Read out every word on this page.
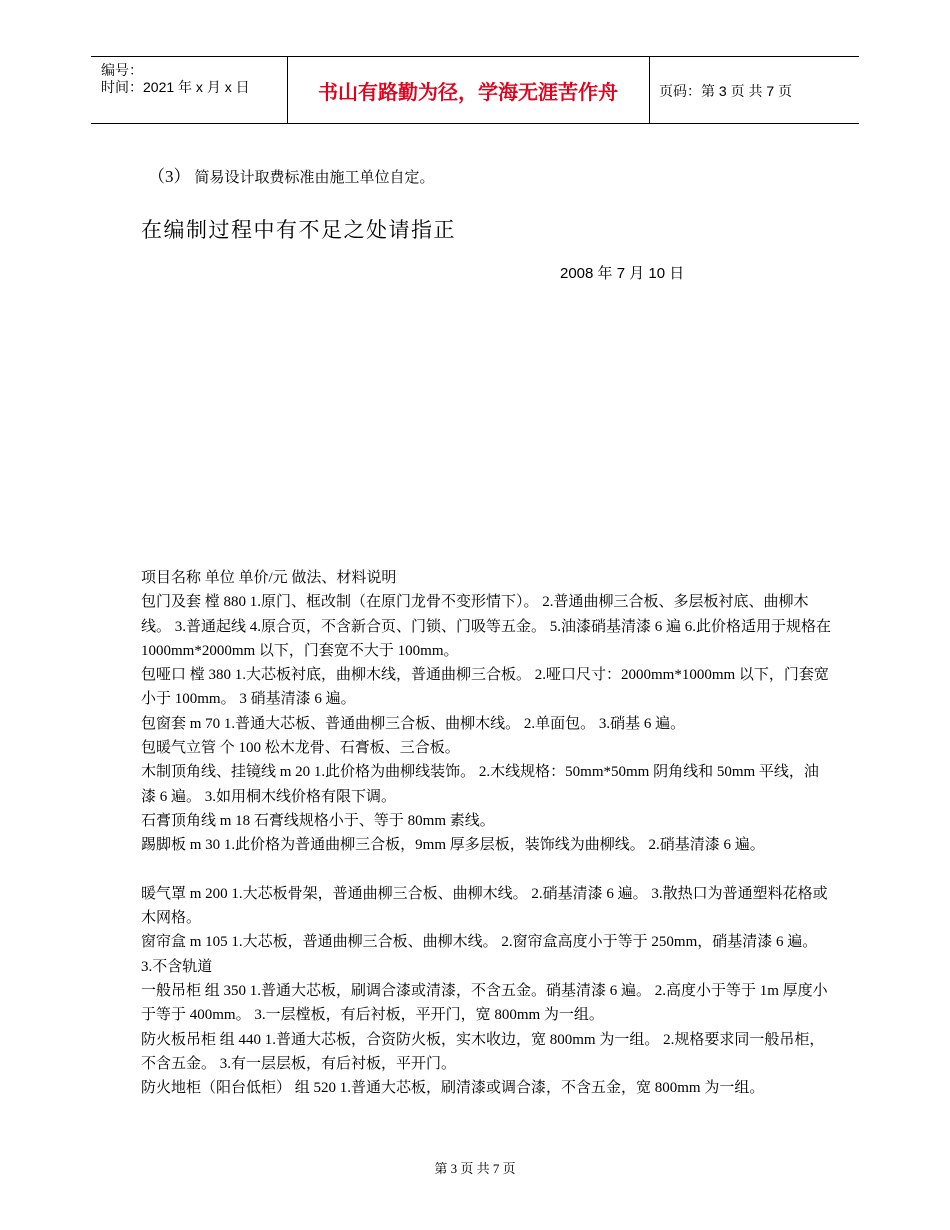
编号：
时间：2021 年 x 月 x 日	书山有路勤为径，学海无涯苦作舟	页码：第 3 页 共 7 页
（3） 简易设计取费标准由施工单位自定。
在编制过程中有不足之处请指正
2008 年 7 月 10 日

项目名称 单位 单价/元 做法、材料说明

包门及套 樘 880 1.原门、框改制（在原门龙骨不变形情下）。 2.普通曲柳三合板、多层板衬底、曲柳木线。 3.普通起线 4.原合页，不含新合页、门锁、门吸等五金。 5.油漆硝基清漆 6 遍 6.此价格适用于规格在 1000mm*2000mm 以下，门套宽不大于 100mm。

包哑口 樘 380 1.大芯板衬底，曲柳木线，普通曲柳三合板。 2.哑口尺寸：2000mm*1000mm 以下，门套宽小于 100mm。 3 硝基清漆 6 遍。

包窗套 m 70 1.普通大芯板、普通曲柳三合板、曲柳木线。 2.单面包。 3.硝基 6 遍。

包暖气立管 个 100 松木龙骨、石膏板、三合板。

木制顶角线、挂镜线 m 20 1.此价格为曲柳线装饰。 2.木线规格：50mm*50mm 阴角线和 50mm 平线，油漆 6 遍。 3.如用桐木线价格有限下调。

石膏顶角线 m 18 石膏线规格小于、等于 80mm 素线。

踢脚板 m 30 1.此价格为普通曲柳三合板，9mm 厚多层板，装饰线为曲柳线。 2.硝基清漆 6 遍。

暖气罩 m 200 1.大芯板骨架，普通曲柳三合板、曲柳木线。 2.硝基清漆 6 遍。 3.散热口为普通塑料花格或木网格。

窗帘盒 m 105 1.大芯板，普通曲柳三合板、曲柳木线。 2.窗帘盒高度小于等于 250mm，硝基清漆 6 遍。 3.不含轨道

一般吊柜 组 350 1.普通大芯板，刷调合漆或清漆，不含五金。硝基清漆 6 遍。 2.高度小于等于 1m 厚度小于等于 400mm。 3.一层樘板，有后衬板，平开门，宽 800mm 为一组。

防火板吊柜 组 440 1.普通大芯板，合资防火板，实木收边，宽 800mm 为一组。 2.规格要求同一般吊柜，不含五金。 3.有一层层板，有后衬板，平开门。

防火地柜（阳台低柜） 组 520 1.普通大芯板，刷清漆或调合漆，不含五金，宽 800mm 为一组。

第 3 页 共 7 页
